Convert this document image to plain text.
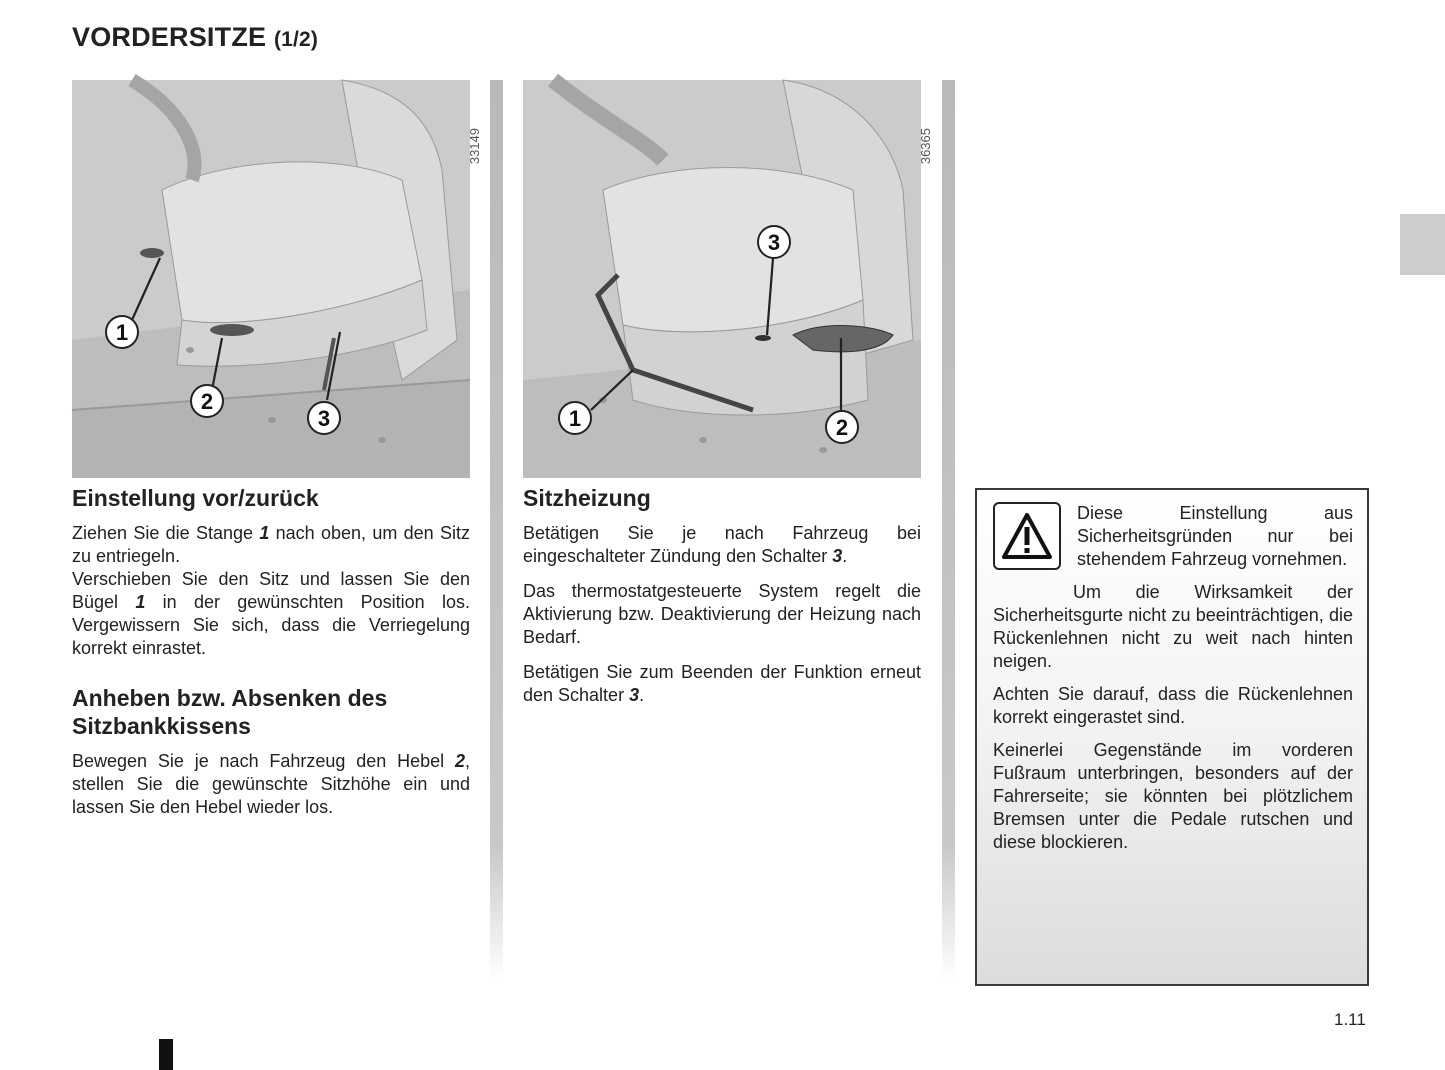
VORDERSITZE (1/2)
1
2
3
33149
1	2
3
36365
Einstellung vor/zurück

Ziehen Sie die Stange 1 nach oben, um den Sitz zu entriegeln.

Verschieben Sie den Sitz und lassen Sie den Bügel 1 in der gewünschten Position los. Vergewissern Sie sich, dass die Verriegelung korrekt einrastet.

Anheben bzw. Absenken des Sitzbankkissens

Bewegen Sie je nach Fahrzeug den Hebel 2, stellen Sie die gewünschte Sitzhöhe ein und lassen Sie den Hebel wieder los.

Sitzheizung

Betätigen Sie je nach Fahrzeug bei eingeschalteter Zündung den Schalter 3.

Das thermostatgesteuerte System regelt die Aktivierung bzw. Deaktivierung der Heizung nach Bedarf.

Betätigen Sie zum Beenden der Funktion erneut den Schalter 3.

Diese Einstellung aus Sicherheitsgründen nur bei stehendem Fahrzeug vornehmen.

Um die Wirksamkeit der Sicherheitsgurte nicht zu beeinträchtigen, die Rückenlehnen nicht zu weit nach hinten neigen.

Achten Sie darauf, dass die Rückenlehnen korrekt eingerastet sind.

Keinerlei Gegenstände im vorderen Fußraum unterbringen, besonders auf der Fahrerseite; sie könnten bei plötzlichem Bremsen unter die Pedale rutschen und diese blockieren.

1.11
